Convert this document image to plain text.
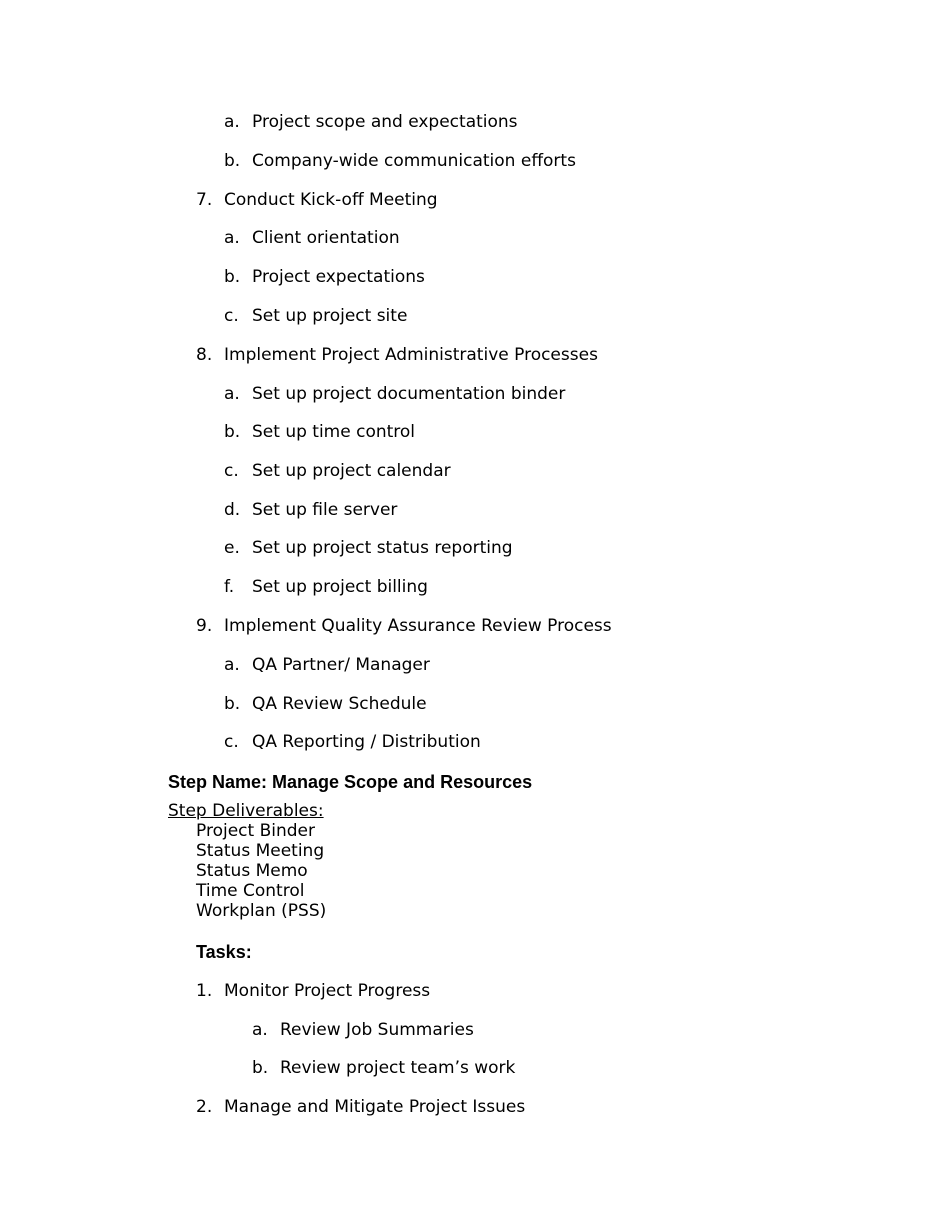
a. Project scope and expectations
b. Company-wide communication efforts
7. Conduct Kick-off Meeting
a. Client orientation
b. Project expectations
c. Set up project site
8. Implement Project Administrative Processes
a. Set up project documentation binder
b. Set up time control
c. Set up project calendar
d. Set up file server
e. Set up project status reporting
f. Set up project billing
9. Implement Quality Assurance Review Process
a. QA Partner/ Manager
b. QA Review Schedule
c. QA Reporting / Distribution
Step Name: Manage Scope and Resources
Step Deliverables:
Project Binder
Status Meeting
Status Memo
Time Control
Workplan (PSS)
Tasks:
1. Monitor Project Progress
a. Review Job Summaries
b. Review project team’s work
2. Manage and Mitigate Project Issues
